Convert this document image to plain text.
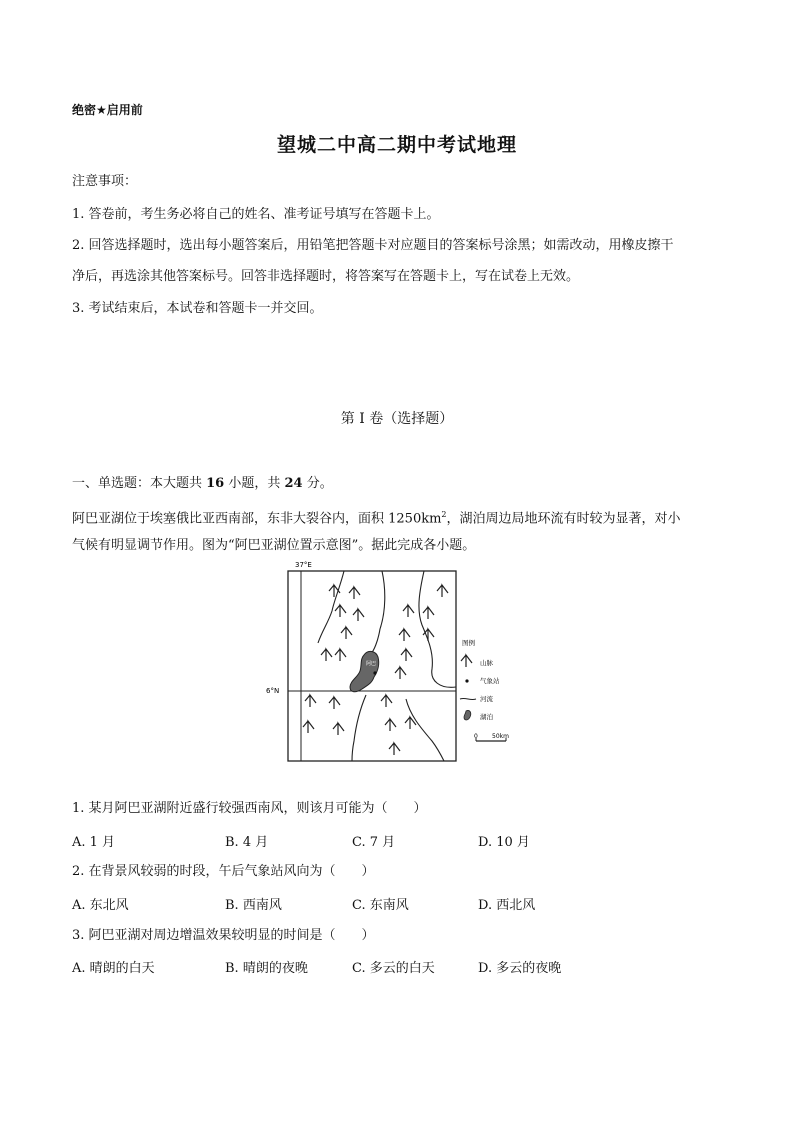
绝密★启用前
望城二中高二期中考试地理
注意事项：
1. 答卷前，考生务必将自己的姓名、准考证号填写在答题卡上。
2. 回答选择题时，选出每小题答案后，用铅笔把答题卡对应题目的答案标号涂黑；如需改动，用橡皮擦干
净后，再选涂其他答案标号。回答非选择题时，将答案写在答题卡上，写在试卷上无效。
3. 考试结束后，本试卷和答题卡一并交回。
第 I 卷（选择题）
一、单选题：本大题共 16 小题，共 24 分。
阿巴亚湖位于埃塞俄比亚西南部，东非大裂谷内，面积 $1250km^2$，湖泊周边局地环流有时较为显著，对小
气候有明显调节作用。图为“阿巴亚湖位置示意图”。据此完成各小题。
37°E
6°N
阿巴
图例
山脉
气象站
河流
湖泊
0 50km
1. 某月阿巴亚湖附近盛行较强西南风，则该月可能为（　　）
A. 1 月	B. 4 月	C. 7 月	D. 10 月
2. 在背景风较弱的时段，午后气象站风向为（　　）
A. 东北风	B. 西南风	C. 东南风	D. 西北风
3. 阿巴亚湖对周边增温效果较明显的时间是（　　）
A. 晴朗的白天	B. 晴朗的夜晚	C. 多云的白天	D. 多云的夜晚
